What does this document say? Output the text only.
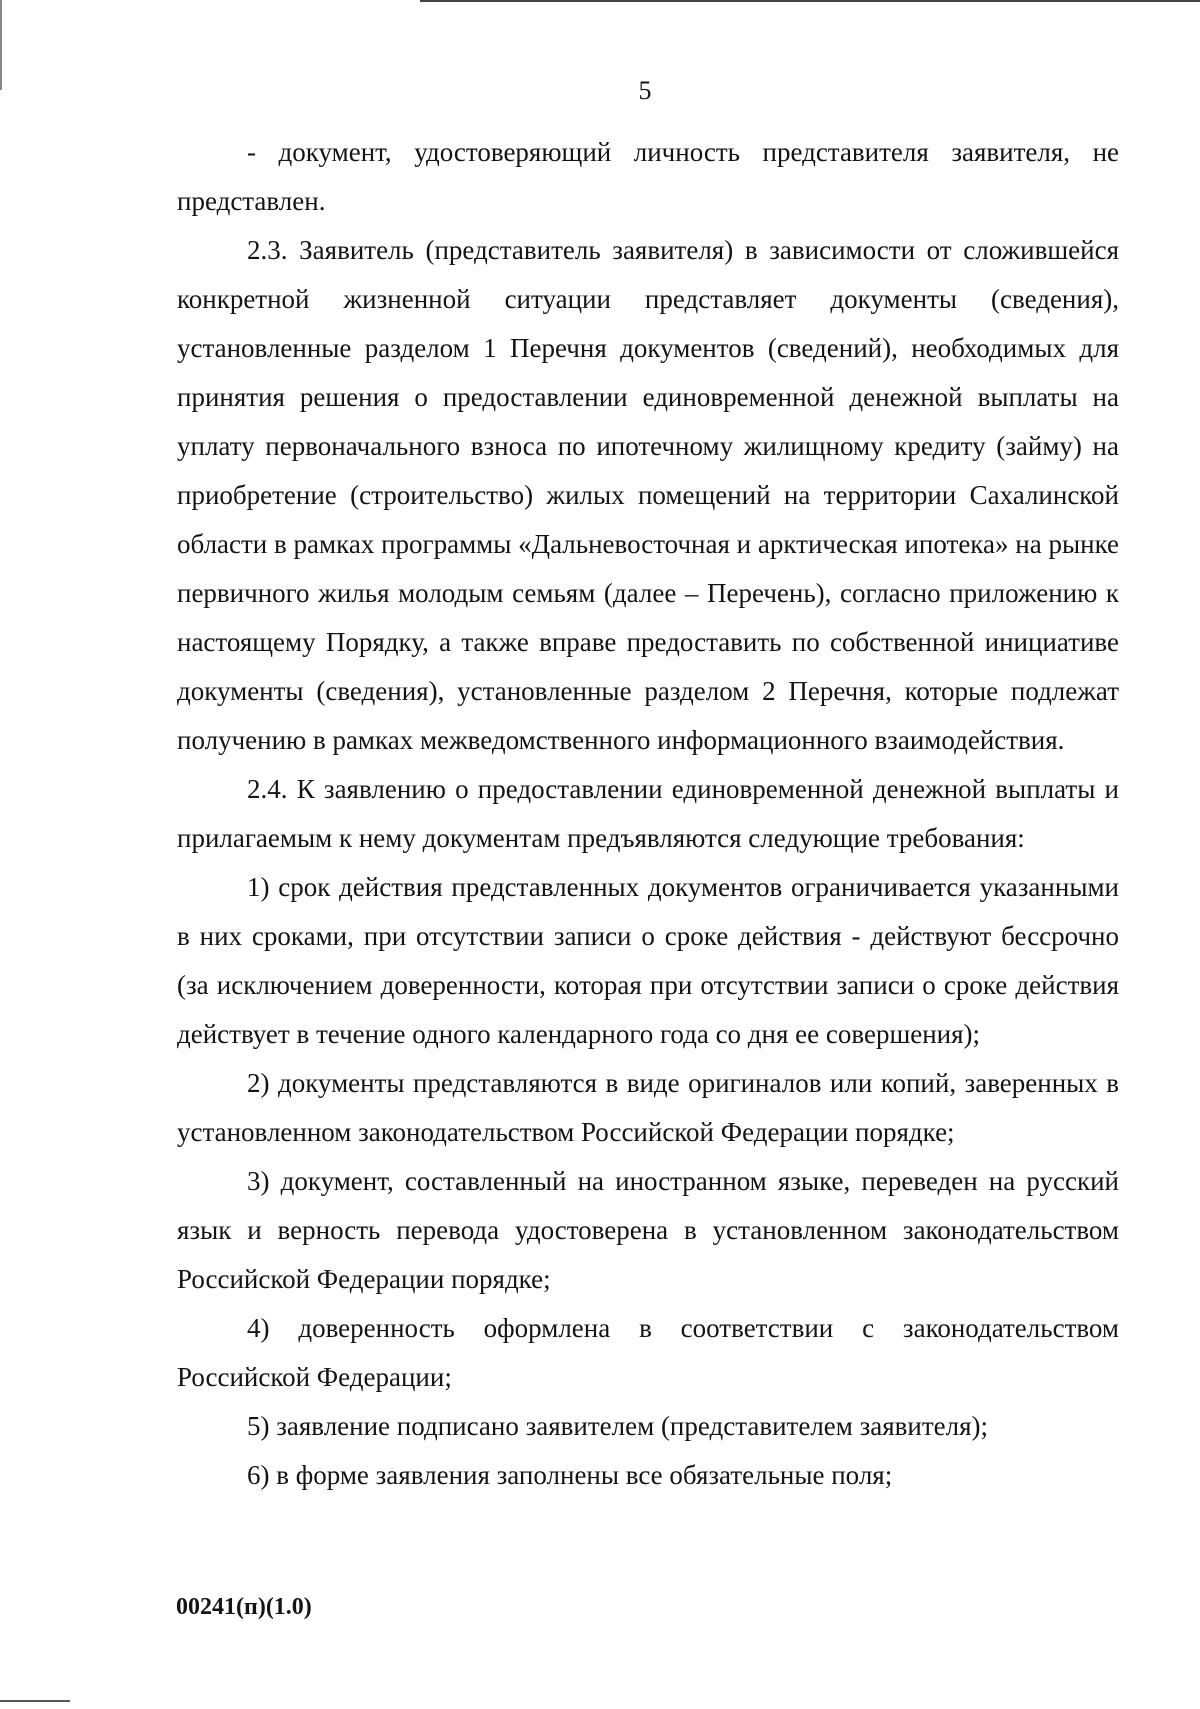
5

- документ, удостоверяющий личность представителя заявителя, не представлен.

2.3. Заявитель (представитель заявителя) в зависимости от сложившейся конкретной жизненной ситуации представляет документы (сведения), установленные разделом 1 Перечня документов (сведений), необходимых для принятия решения о предоставлении единовременной денежной выплаты на уплату первоначального взноса по ипотечному жилищному кредиту (займу) на приобретение (строительство) жилых помещений на территории Сахалинской области в рамках программы «Дальневосточная и арктическая ипотека» на рынке первичного жилья молодым семьям (далее – Перечень), согласно приложению к настоящему Порядку, а также вправе предоставить по собственной инициативе документы (сведения), установленные разделом 2 Перечня, которые подлежат получению в рамках межведомственного информационного взаимодействия.

2.4. К заявлению о предоставлении единовременной денежной выплаты и прилагаемым к нему документам предъявляются следующие требования:

1) срок действия представленных документов ограничивается указанными в них сроками, при отсутствии записи о сроке действия - действуют бессрочно (за исключением доверенности, которая при отсутствии записи о сроке действия действует в течение одного календарного года со дня ее совершения);

2) документы представляются в виде оригиналов или копий, заверенных в установленном законодательством Российской Федерации порядке;

3) документ, составленный на иностранном языке, переведен на русский язык и верность перевода удостоверена в установленном законодательством Российской Федерации порядке;

4) доверенность оформлена в соответствии с законодательством Российской Федерации;

5) заявление подписано заявителем (представителем заявителя);

6) в форме заявления заполнены все обязательные поля;

00241(п)(1.0)
